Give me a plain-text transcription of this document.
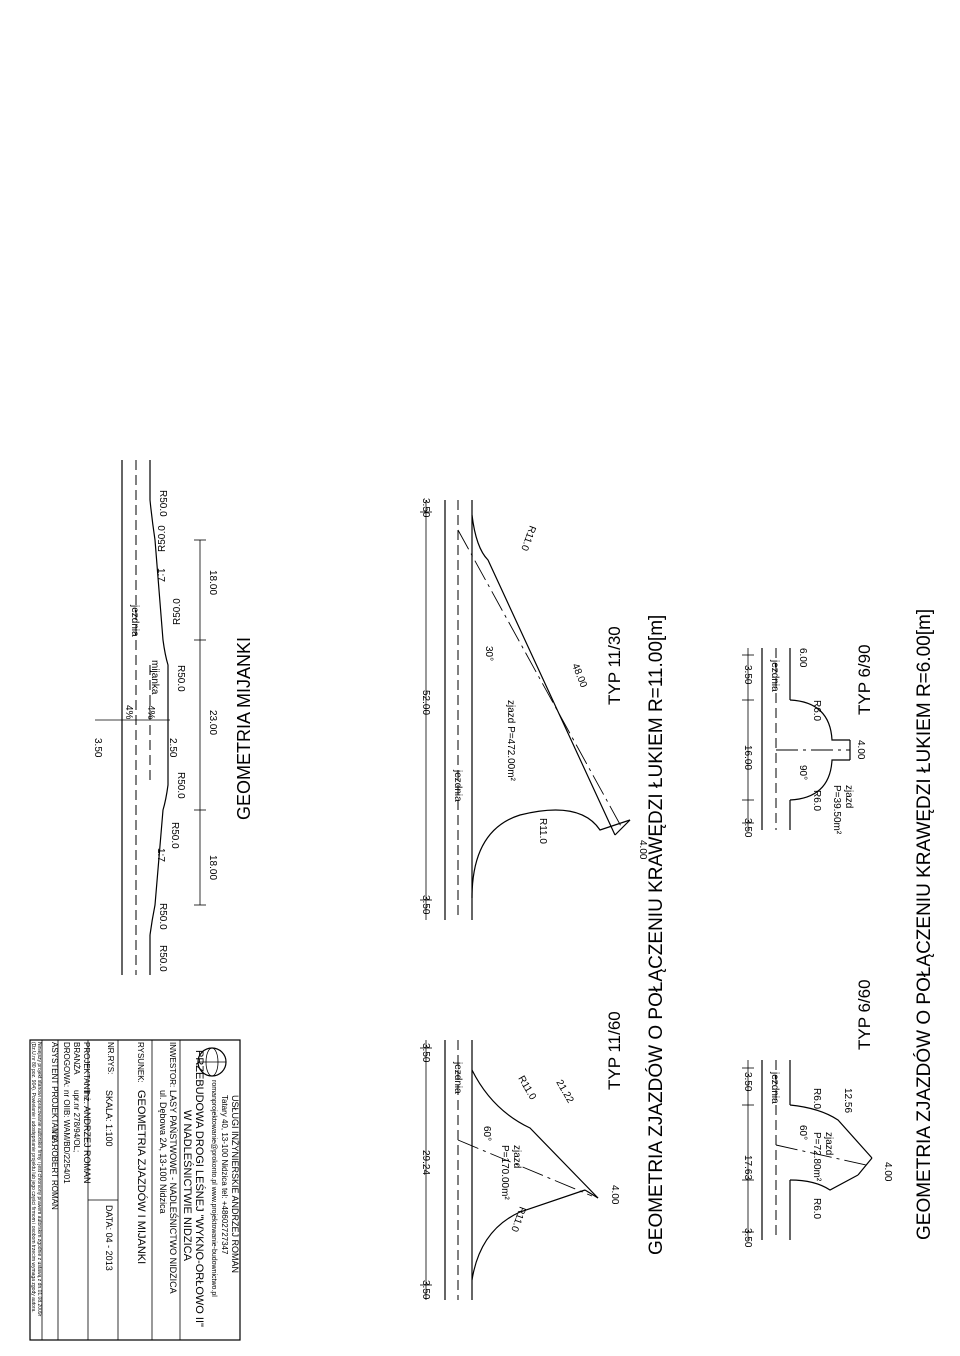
GEOMETRIA ZJAZDÓW O POŁĄCZENIU KRAWĘDZI ŁUKIEM R=6.00[m]
TYP 6/90
3.50
16.00
3.50
6.00
4.00
jezdnia
R6.0
R6.0
90°
zjazd
P=39.50m²
TYP 6/60
3.50
17.63
3.50
12.56
4.00
jezdnia	R6.0
R6.0
60° zjazd
P=72.80m²
GEOMETRIA ZJAZDÓW O POŁĄCZENIU KRAWĘDZI ŁUKIEM R=11.00[m]
TYP 11/30
3.50
52.00
3.50
48.00
4.00
jezdnia
R11.0
R11.0
30°
zjazd P=472.00m²
TYP 11/60
3.50
29.24
3.50
21.22
4.00
jezdnia	R11.0
R11.0
60°
zjazd
P=170.00m²
GEOMETRIA MIJANKI
18.00
23.00
18.00
3.50	2.50
1:7
1:7
4% 4%
jezdnia
mijanka
R50.0
R50.0
R50.0
R50.0
R50.0
R50.0
R50.0
R50.0
USŁUGI INŻYNIERSKIE ANDRZEJ ROMAN
Tatary 40, 13-100 Nidzica tel: +48602727347
romanprojektowanie@prokonto.pl www.projektowanie-budownictwo.pl
PRZEBUDOWA DROGI LEŚNEJ "WYKNO-ORŁOWO II"
W NADLEŚNICTWIE NIDZICA
INWESTOR:
LASY PAŃSTWOWE - NADLEŚNICTWO NIDZICA
ul. Dębowa 2A, 13-100 Nidzica
RYSUNEK:
GEOMETRIA ZJAZDÓW I MIJANKI
NR.RYS:
SKALA: 1:100
DATA: 04 - 2013
PROJEKTANT -
BRANŻA
DROGOWA:
inż. ANDRZEJ ROMAN
upr.nr 278/94/OL;
nr OIIB: WAM/BD/2254/01
ASYSTENT PROJEKTANTA:
inż. ROBERT ROMAN
Niniejszy projekt stanowi opracowanie autorskie firmy i jest chroniony prawem autorskim zgodnie z ustawą z dn.01.08.2009r
(Dz.U.nr 80 poz. 904). Powielanie i udostępnianie projektu lub jego części firmom i osobom trzecim wymaga zgody autora.
